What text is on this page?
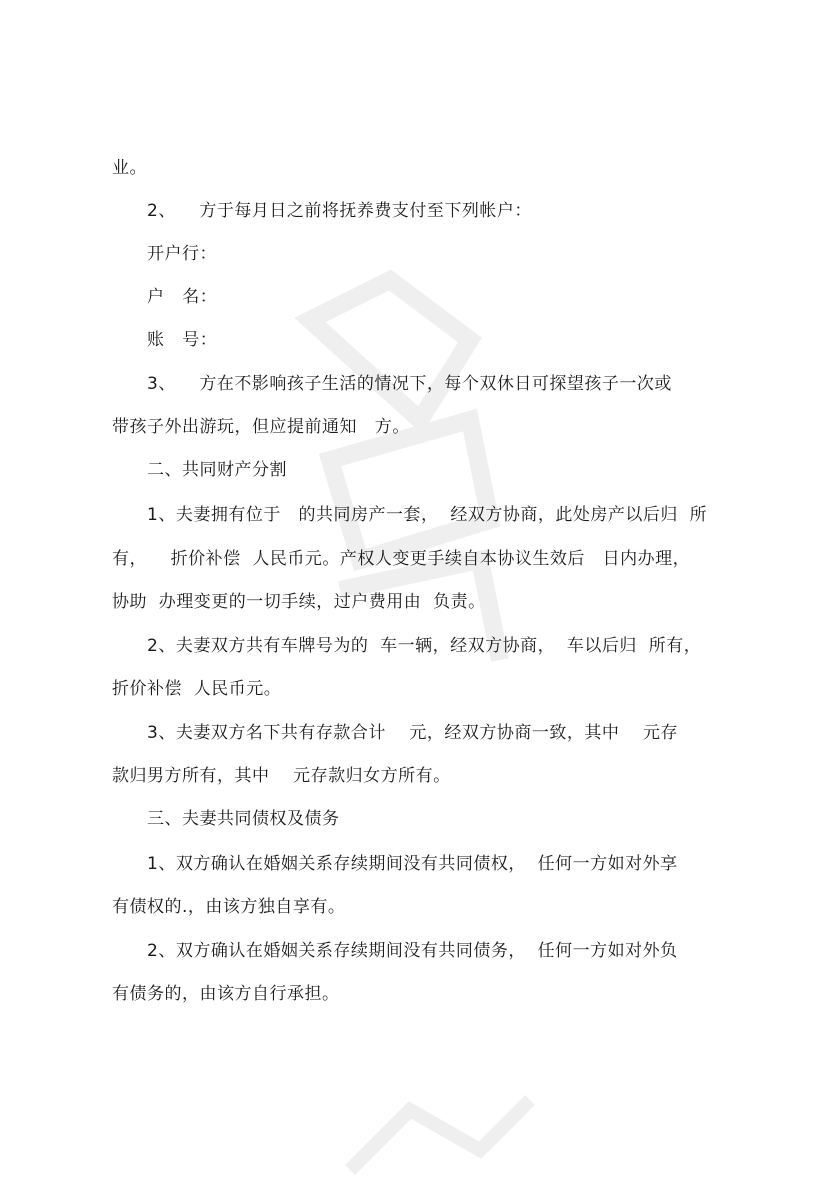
业。
2、    方于每月日之前将抚养费支付至下列帐户：
开户行：
户   名：
账   号：
3、    方在不影响孩子生活的情况下，每个双休日可探望孩子一次或
带孩子外出游玩，但应提前通知   方。
二、共同财产分割
1、夫妻拥有位于   的共同房产一套，  经双方协商，此处房产以后归  所
有，    折价补偿  人民币元。产权人变更手续自本协议生效后   日内办理，
协助  办理变更的一切手续，过户费用由  负责。
2、夫妻双方共有车牌号为的  车一辆，经双方协商，  车以后归  所有，
折价补偿  人民币元。
3、夫妻双方名下共有存款合计    元，经双方协商一致，其中    元存
款归男方所有，其中    元存款归女方所有。
三、夫妻共同债权及债务
1、双方确认在婚姻关系存续期间没有共同债权，  任何一方如对外享
有债权的.，由该方独自享有。
2、双方确认在婚姻关系存续期间没有共同债务，  任何一方如对外负
有债务的，由该方自行承担。
